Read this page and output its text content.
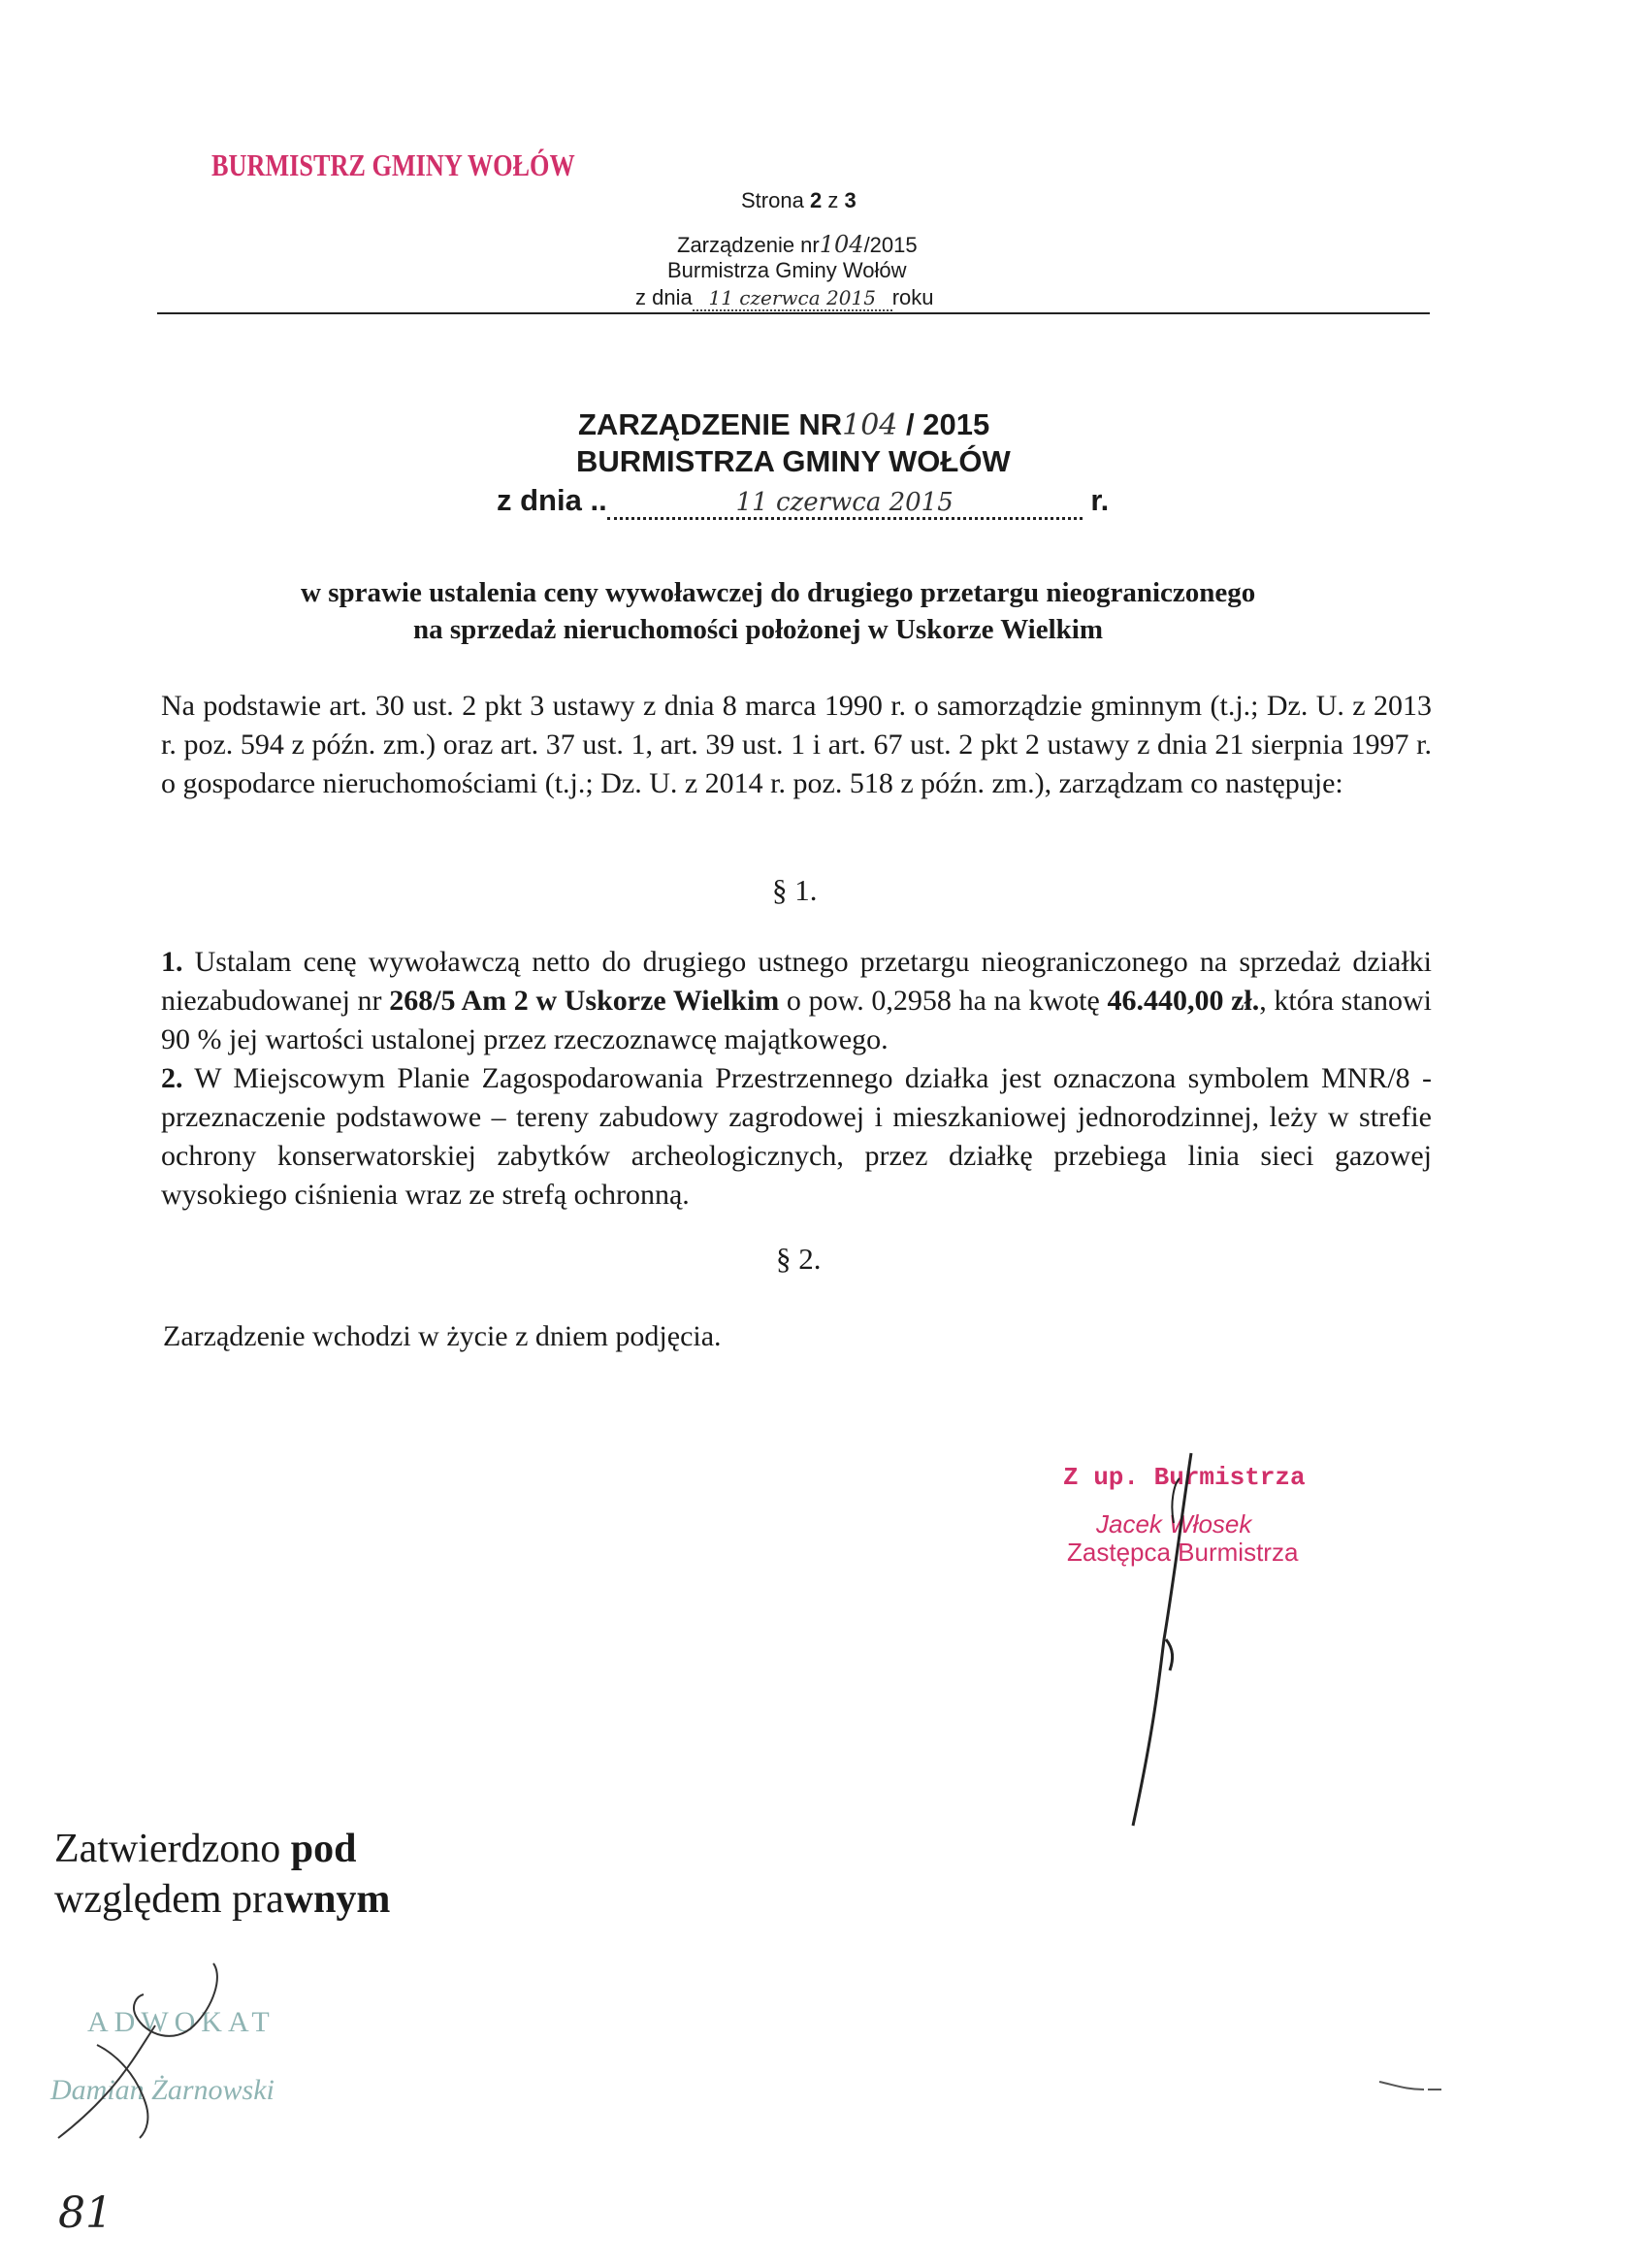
BURMISTRZ GMINY WOŁÓW
Strona 2 z 3
Zarządzenie nr104/2015
Burmistrza Gminy Wołów
z dnia 11 czerwca 2015 roku
ZARZĄDZENIE NR104 / 2015
BURMISTRZA GMINY WOŁÓW
z dnia ..	11 czerwca 2015	r.
w sprawie ustalenia ceny wywoławczej do drugiego przetargu nieograniczonego
na sprzedaż nieruchomości położonej w Uskorze Wielkim
Na podstawie art. 30 ust. 2 pkt 3 ustawy z dnia 8 marca 1990 r. o samorządzie gminnym (t.j.; Dz. U. z 2013 r. poz. 594 z późn. zm.) oraz art. 37 ust. 1, art. 39 ust. 1 i art. 67 ust. 2 pkt 2 ustawy z dnia 21 sierpnia 1997 r. o gospodarce nieruchomościami (t.j.; Dz. U. z 2014 r. poz. 518 z późn. zm.), zarządzam co następuje:
§ 1.
1. Ustalam cenę wywoławczą netto do drugiego ustnego przetargu nieograniczonego na sprzedaż działki niezabudowanej nr 268/5 Am 2 w Uskorze Wielkim o pow. 0,2958 ha na kwotę 46.440,00 zł., która stanowi 90 % jej wartości ustalonej przez rzeczoznawcę majątkowego.
2. W Miejscowym Planie Zagospodarowania Przestrzennego działka jest oznaczona symbolem MNR/8 - przeznaczenie podstawowe – tereny zabudowy zagrodowej i mieszkaniowej jednorodzinnej, leży w strefie ochrony konserwatorskiej zabytków archeologicznych, przez działkę przebiega linia sieci gazowej wysokiego ciśnienia wraz ze strefą ochronną.
§ 2.
Zarządzenie wchodzi w życie z dniem podjęcia.
Z up. Burmistrza
Jacek Włosek
Zastępca Burmistrza
Zatwierdzono pod
względem prawnym
ADWOKAT
Damian Żarnowski
81
